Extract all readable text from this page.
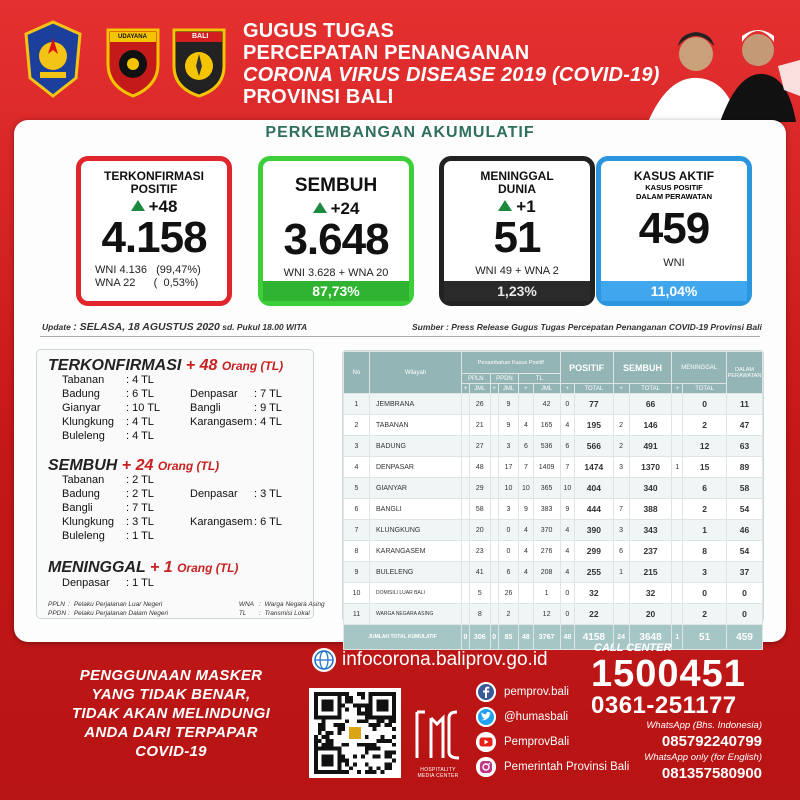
UDAYANA	BALI GUGUS TUGAS
PERCEPATAN PENANGANAN
CORONA VIRUS DISEASE 2019 (COVID-19)
PROVINSI BALI
PERKEMBANGAN AKUMULATIF
TERKONFIRMASI
POSITIF
+48
4.158
WNI 4.136   (99,47%)
WNA 22      (  0,53%)
SEMBUH
+24
3.648
WNI 3.628 + WNA 20
87,73%
MENINGGAL
DUNIA
+1
51
WNI 49 + WNA 2
1,23%
KASUS AKTIF
KASUS POSITIF
DALAM PERAWATAN
459
WNI
11,04%
Update : SELASA, 18 AGUSTUS 2020 sd. Pukul 18.00 WITA	Sumber : Press Release Gugus Tugas Percepatan Penanganan COVID-19 Provinsi Bali
TERKONFIRMASI + 48 Orang (TL)
Tabanan : 4 TL
Badung : 6 TL	Denpasar : 7 TL
Gianyar : 10 TL	Bangli	: 9 TL
Klungkung : 4 TL	Karangasem : 4 TL
Buleleng : 4 TL
SEMBUH + 24 Orang (TL)
Tabanan : 2 TL
Badung : 2 TL	Denpasar : 3 TL
Bangli	: 7 TL
Klungkung : 3 TL	Karangasem : 6 TL
Buleleng : 1 TL
MENINGGAL + 1 Orang (TL)
Denpasar : 1 TL
PPLN : Pelaku Perjalanan Luar Negeri	WNA : Warga Negara Asing
PPDN : Pelaku Perjalanan Dalam Negeri	TL : Transmisi Lokal
No	Wilayah	Penambahan Kasus Positif						POSITIF		SEMBUH		MENINGGAL		DALAM PERAWATAN
		PPLN		PPDN		TL								
		+	JML	+	JML	+	JML	+	TOTAL	+	TOTAL	+	TOTAL	
1	JEMBRANA		26		9		42	0	77		66		0	11
2	TABANAN		21		9	4	165	4	195	2	146		2	47
3	BADUNG		27		3	6	536	6	566	2	491		12	63
4	DENPASAR		48		17	7	1409	7	1474	3	1370	1	15	89
5	GIANYAR		29		10	10	365	10	404		340		6	58
6	BANGLI		58		3	9	383	9	444	7	388		2	54
7	KLUNGKUNG		20		0	4	370	4	390	3	343		1	46
8	KARANGASEM		23		0	4	276	4	299	6	237		8	54
9	BULELENG		41		6	4	208	4	255	1	215		3	37
10	DOMISILI LUAR BALI		5		26		1	0	32		32		0	0
11	WARGA NEGARA ASING		8		2		12	0	22		20		2	0
JUMLAH TOTAL KUMULATIF		0	306	0	85	48	3767	48	4158	24	3648	1	51	459
PENGGUNAAN MASKER
YANG TIDAK BENAR,
TIDAK AKAN MELINDUNGI
ANDA DARI TERPAPAR
COVID-19
infocorona.baliprov.go.id
HOSPITALITY
MEDIA CENTER
pemprov.bali
@humasbali
PemprovBali
Pemerintah Provinsi Bali
CALL CENTER
1500451
0361-251177
WhatsApp (Bhs. Indonesia)
085792240799
WhatsApp only (for English)
081357580900
